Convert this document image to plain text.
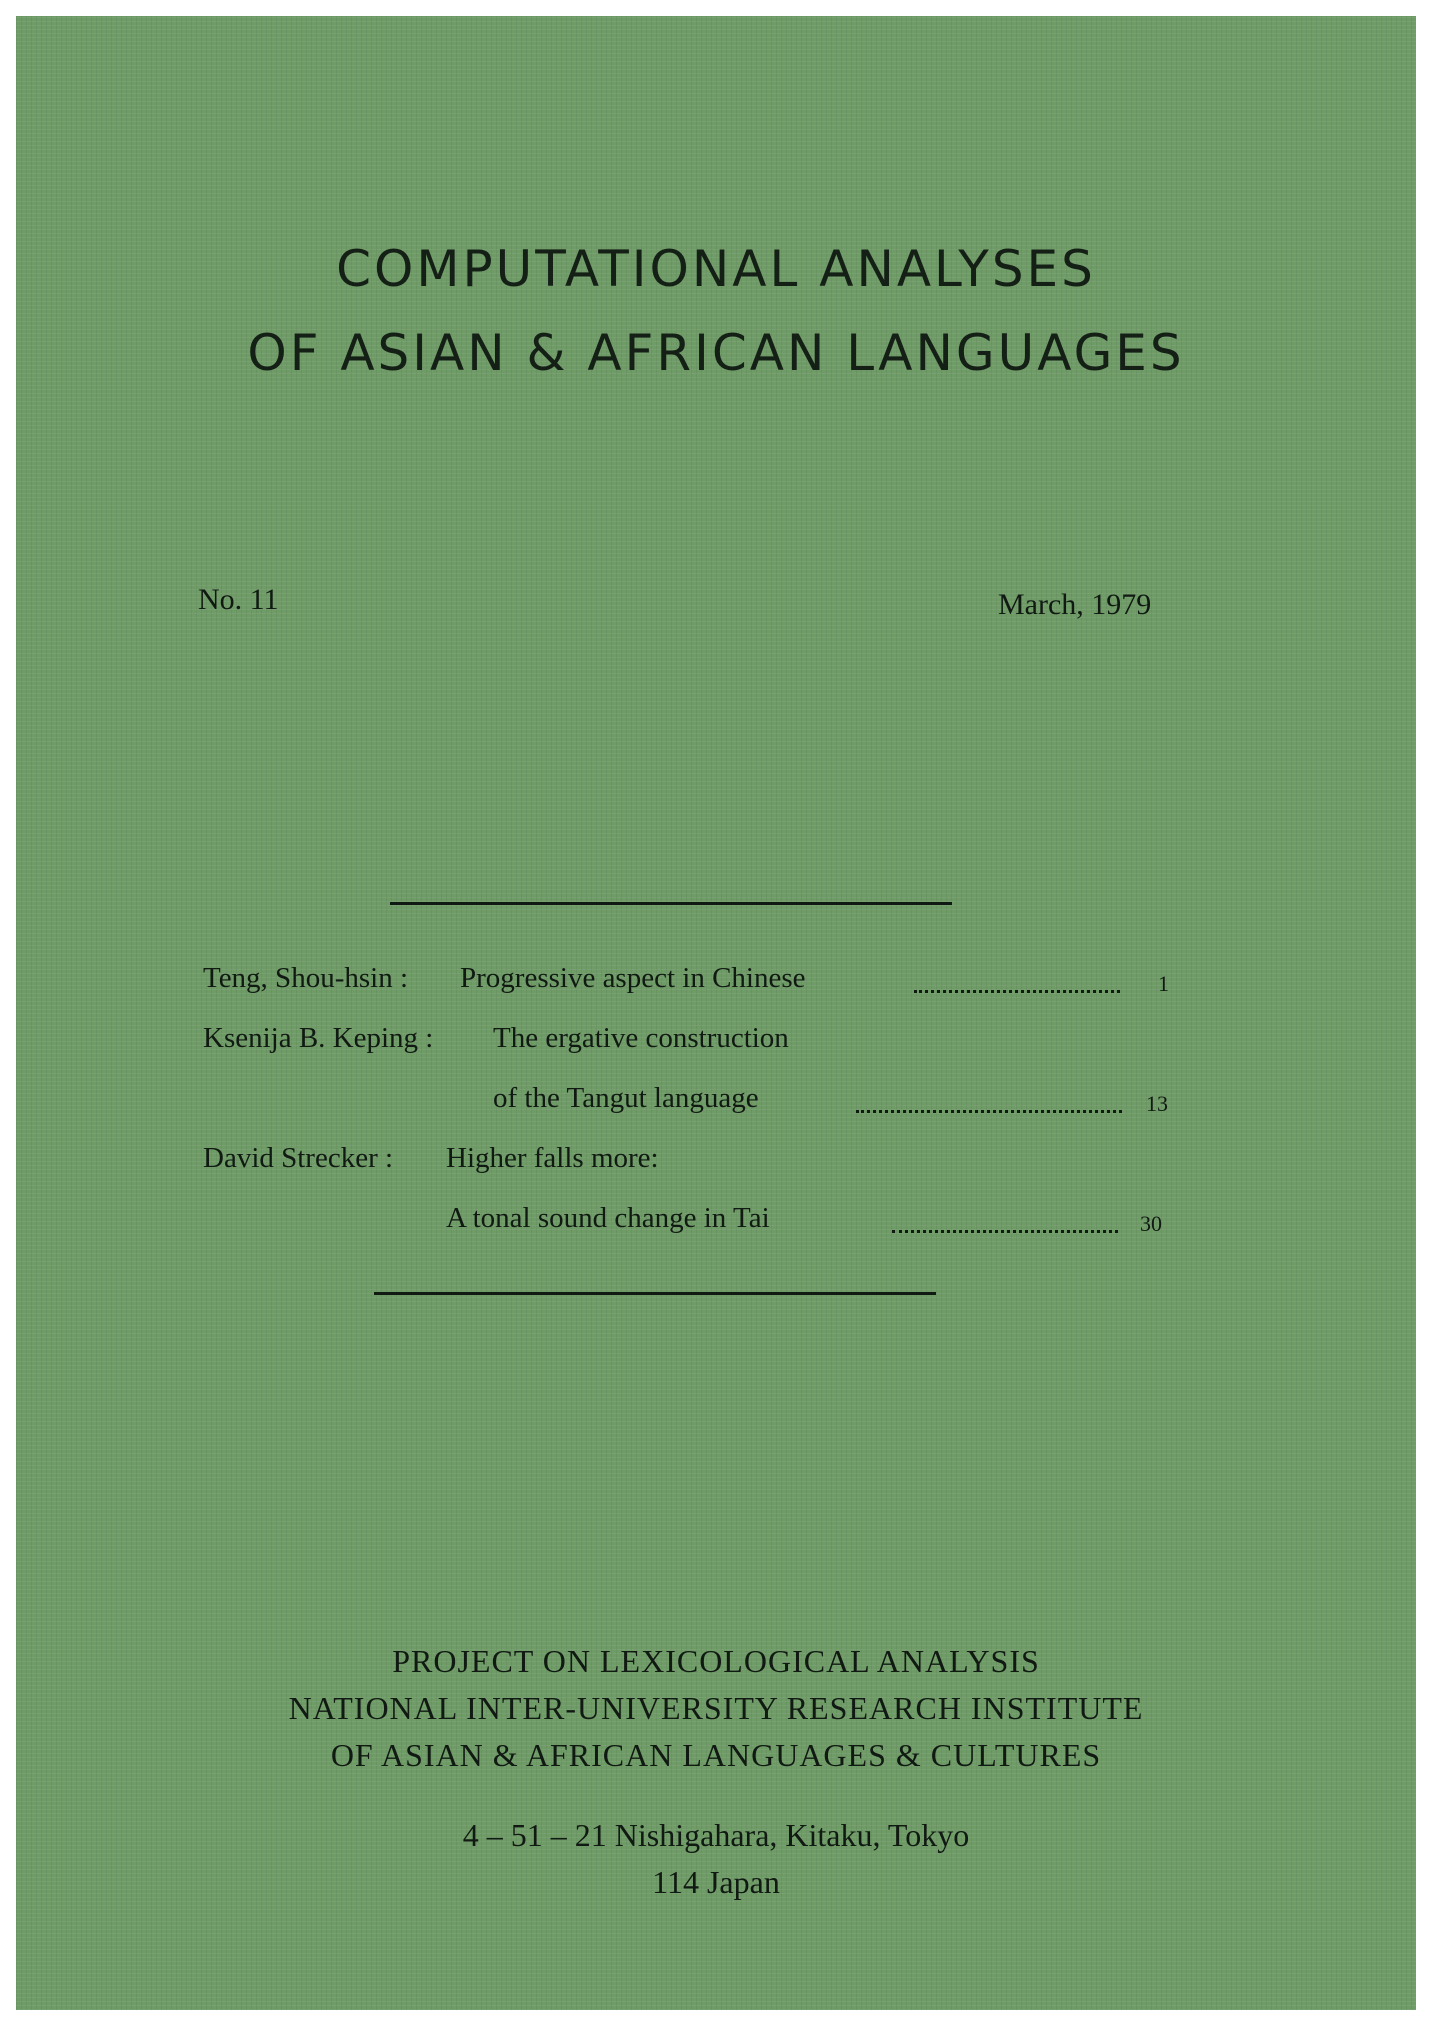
COMPUTATIONAL ANALYSES
OF ASIAN & AFRICAN LANGUAGES
No. 11	March, 1979
Teng, Shou-hsin : Progressive aspect in Chinese	1
Ksenija B. Keping : The ergative construction
of the Tangut language	13
David Strecker : Higher falls more:
A tonal sound change in Tai	30
PROJECT ON LEXICOLOGICAL ANALYSIS
NATIONAL INTER-UNIVERSITY RESEARCH INSTITUTE
OF ASIAN & AFRICAN LANGUAGES & CULTURES
4 – 51 – 21 Nishigahara, Kitaku, Tokyo
114 Japan
